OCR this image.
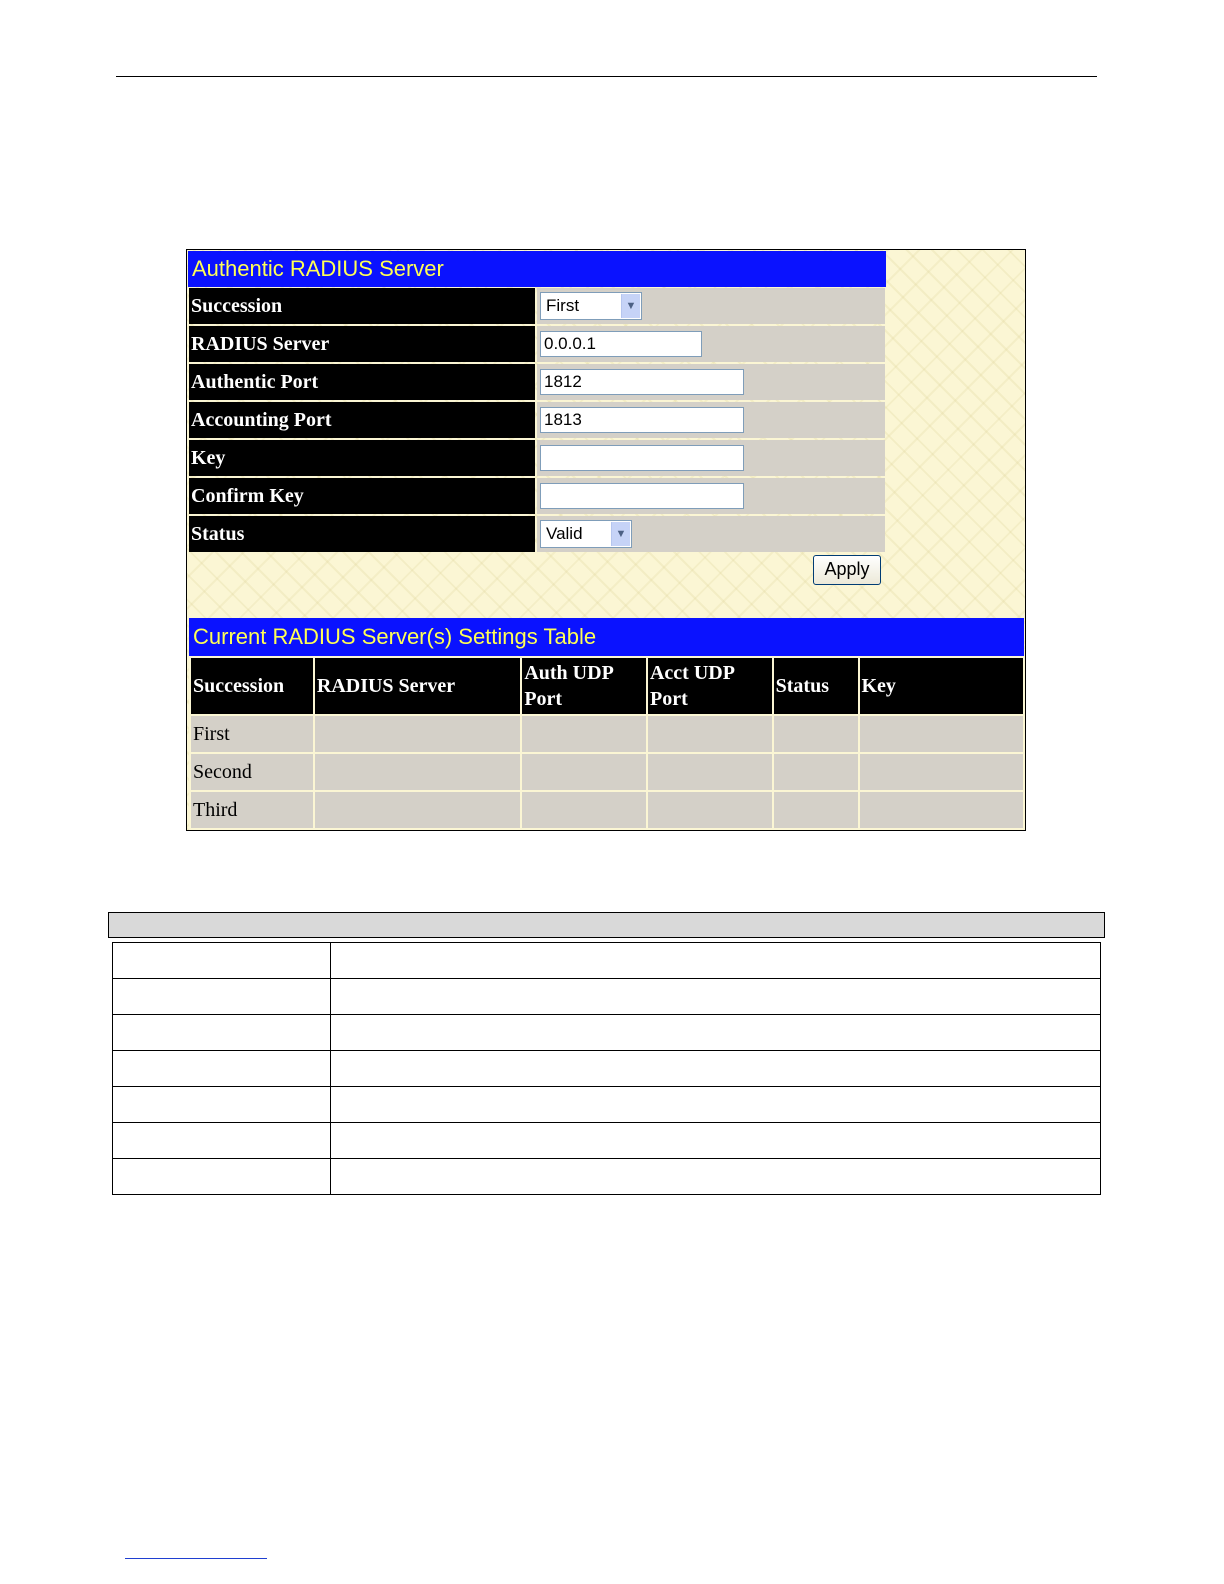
Authentic RADIUS Server
Succession	First	▼
RADIUS Server	0.0.0.1
Authentic Port	1812
Accounting Port	1813
Key
Confirm Key
Status	Valid	▼
Apply
Current RADIUS Server(s) Settings Table
Succession	RADIUS Server	Auth UDP Port	Acct UDP Port	Status	Key
First					
Second					
Third					
